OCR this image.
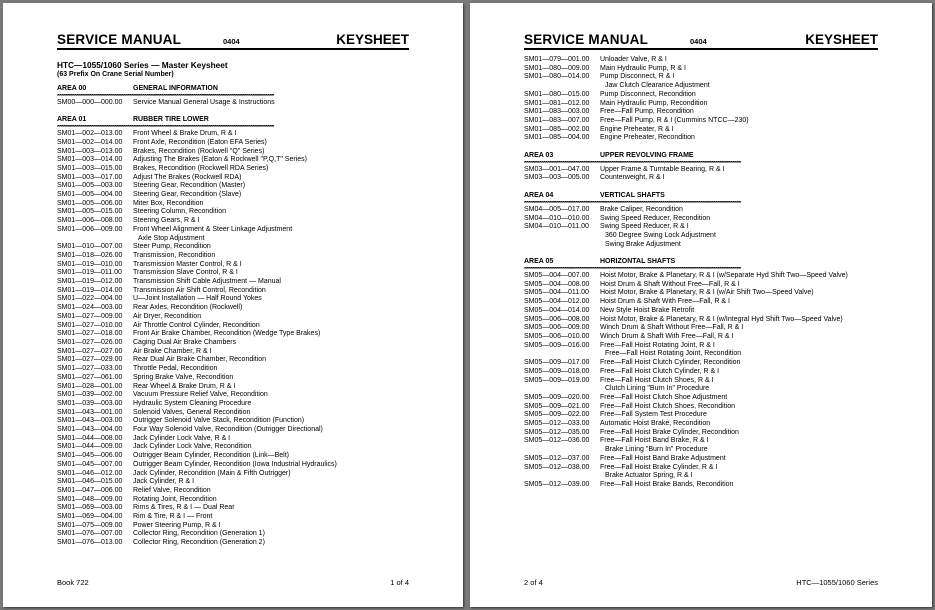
SERVICE MANUAL	0404	KEYSHEET
HTC—1055/1060 Series — Master Keysheet
(63 Prefix On Crane Serial Number)
AREA 00	GENERAL INFORMATION
******************************************************************************************************
SM00—000—000.00 Service Manual General Usage & Instructions
AREA 01	RUBBER TIRE LOWER
******************************************************************************************************
SM01—002—013.00 Front Wheel & Brake Drum, R & I
SM01—002—014.00 Front Axle, Recondition (Eaton EFA Series)
SM01—003—013.00 Brakes, Recondition (Rockwell "Q" Series)
SM01—003—014.00 Adjusting The Brakes (Eaton & Rockwell "P,Q,T" Series)
SM01—003—015.00 Brakes, Recondition (Rockwell RDA Series)
SM01—003—017.00 Adjust The Brakes (Rockwell RDA)
SM01—005—003.00 Steering Gear, Recondition (Master)
SM01—005—004.00 Steering Gear, Recondition (Slave)
SM01—005—006.00 Miter Box, Recondition
SM01—005—015.00 Steering Column, Recondition
SM01—006—008.00 Steering Gears, R & I
SM01—006—009.00 Front Wheel Alignment & Steer Linkage Adjustment
Axle Stop Adjustment
SM01—010—007.00 Steer Pump, Recondition
SM01—018—026.00 Transmission, Recondition
SM01—019—010.00 Transmission Master Control, R & I
SM01—019—011.00 Transmission Slave Control, R & I
SM01—019—012.00 Transmission Shift Cable Adjustment — Manual
SM01—019—014.00 Transmission Air Shift Control, Recondition
SM01—022—004.00 U—Joint Installation — Half Round Yokes
SM01—024—003.00 Rear Axles, Recondition (Rockwell)
SM01—027—009.00 Air Dryer, Recondition
SM01—027—010.00 Air Throttle Control Cylinder, Recondition
SM01—027—018.00 Front Air Brake Chamber, Recondition (Wedge Type Brakes)
SM01—027—026.00 Caging Dual Air Brake Chambers
SM01—027—027.00 Air Brake Chamber, R & I
SM01—027—029.00 Rear Dual Air Brake Chamber, Recondition
SM01—027—033.00 Throttle Pedal, Recondition
SM01—027—061.00 Spring Brake Valve, Recondition
SM01—028—001.00 Rear Wheel & Brake Drum, R & I
SM01—039—002.00 Vacuum Pressure Relief Valve, Recondition
SM01—039—003.00 Hydraulic System Cleaning Procedure
SM01—043—001.00 Solenoid Valves, General Recondition
SM01—043—003.00 Outrigger Solenoid Valve Stack, Recondition (Function)
SM01—043—004.00 Four Way Solenoid Valve, Recondition (Outrigger Directional)
SM01—044—008.00 Jack Cylinder Lock Valve, R & I
SM01—044—009.00 Jack Cylinder Lock Valve, Recondition
SM01—045—006.00 Outrigger Beam Cylinder, Recondition (Link—Belt)
SM01—045—007.00 Outrigger Beam Cylinder, Recondition (Iowa Industrial Hydraulics)
SM01—046—012.00 Jack Cylinder, Recondition (Main & Fifth Outrigger)
SM01—046—015.00 Jack Cylinder, R & I
SM01—047—006.00 Relief Valve, Recondition
SM01—048—009.00 Rotating Joint, Recondition
SM01—069—003.00 Rims & Tires, R & I — Dual Rear
SM01—069—004.00 Rim & Tire, R & I — Front
SM01—075—009.00 Power Steering Pump, R & I
SM01—076—007.00 Collector Ring, Recondition (Generation 1)
SM01—076—013.00 Collector Ring, Recondition (Generation 2)
Book 722	1 of 4
SERVICE MANUAL	0404	KEYSHEET
SM01—079—001.00 Unloader Valve, R & I
SM01—080—009.00 Main Hydraulic Pump, R & I
SM01—080—014.00 Pump Disconnect, R & I
Jaw Clutch Clearance Adjustment
SM01—080—015.00 Pump Disconnect, Recondition
SM01—081—012.00 Main Hydraulic Pump, Recondition
SM01—083—003.00 Free—Fall Pump, Recondition
SM01—083—007.00 Free—Fall Pump, R & I (Cummins NTCC—230)
SM01—085—002.00 Engine Preheater, R & I
SM01—085—004.00 Engine Preheater, Recondition
AREA 03	UPPER REVOLVING FRAME
******************************************************************************************************
SM03—001—047.00 Upper Frame & Turntable Bearing, R & I
SM03—003—005.00 Counterweight, R & I
AREA 04	VERTICAL SHAFTS
******************************************************************************************************
SM04—005—017.00 Brake Caliper, Recondition
SM04—010—010.00 Swing Speed Reducer, Recondition
SM04—010—011.00 Swing Speed Reducer, R & I
360 Degree Swing Lock Adjustment
Swing Brake Adjustment
AREA 05	HORIZONTAL SHAFTS
******************************************************************************************************
SM05—004—007.00 Hoist Motor, Brake & Planetary, R & I (w/Separate Hyd Shift Two—Speed Valve)
SM05—004—008.00 Hoist Drum & Shaft Without Free—Fall, R & I
SM05—004—011.00 Hoist Motor, Brake & Planetary, R & I (w/Air Shift Two—Speed Valve)
SM05—004—012.00 Hoist Drum & Shaft With Free—Fall, R & I
SM05—004—014.00 New Style Hoist Brake Retrofit
SM05—006—008.00 Hoist Motor, Brake & Planetary, R & I (w/Integral Hyd Shift Two—Speed Valve)
SM05—006—009.00 Winch Drum & Shaft Without Free—Fall, R & I
SM05—006—010.00 Winch Drum & Shaft With Free—Fall, R & I
SM05—009—016.00 Free—Fall Hoist Rotating Joint, R & I
Free—Fall Hoist Rotating Joint, Recondition
SM05—009—017.00 Free—Fall Hoist Clutch Cylinder, Recondition
SM05—009—018.00 Free—Fall Hoist Clutch Cylinder, R & I
SM05—009—019.00 Free—Fall Hoist Clutch Shoes, R & I
Clutch Lining "Burn In" Procedure
SM05—009—020.00 Free—Fall Hoist Clutch Shoe Adjustment
SM05—009—021.00 Free—Fall Hoist Clutch Shoes, Recondition
SM05—009—022.00 Free—Fall System Test Procedure
SM05—012—033.00 Automatic Hoist Brake, Recondition
SM05—012—035.00 Free—Fall Hoist Brake Cylinder, Recondition
SM05—012—036.00 Free—Fall Hoist Band Brake, R & I
Brake Lining "Burn In" Procedure
SM05—012—037.00 Free—Fall Hoist Band Brake Adjustment
SM05—012—038.00 Free—Fall Hoist Brake Cylinder, R & I
Brake Actuator Spring, R & I
SM05—012—039.00 Free—Fall Hoist Brake Bands, Recondition
2 of 4	HTC—1055/1060 Series
